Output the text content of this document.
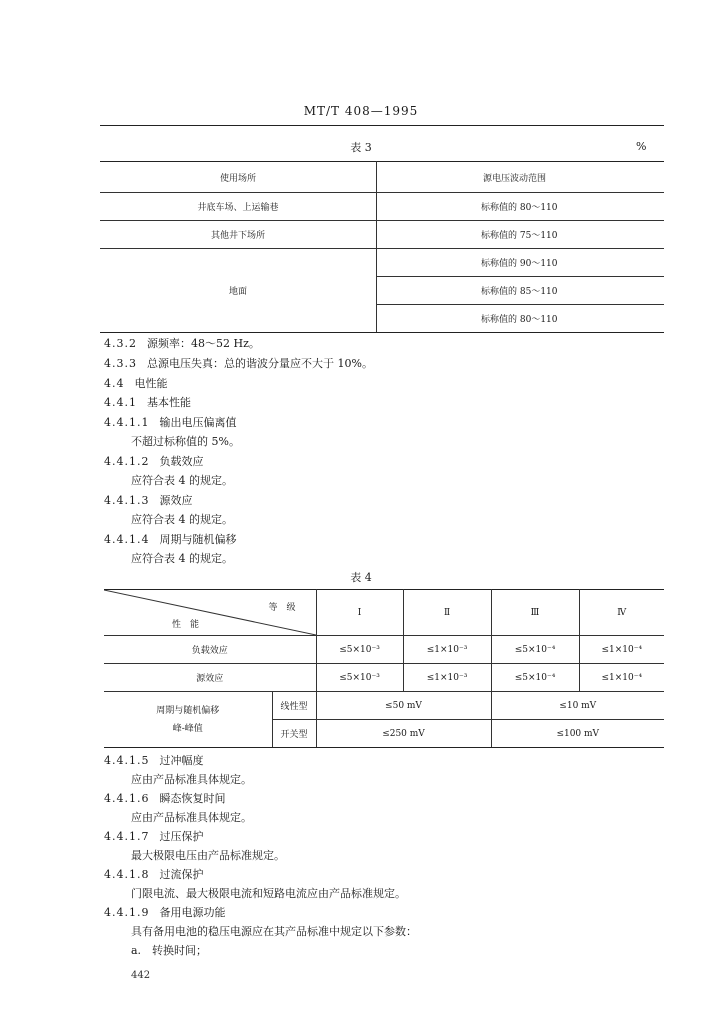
MT/T 408—1995
表 3	%
使用场所	源电压波动范围
井底车场、上运输巷	标称值的 80～110
其他井下场所	标称值的 75～110
地面	标称值的 90～110
	标称值的 85～110
	标称值的 80～110
4.3.2 源频率：48～52 Hz。
4.3.3 总源电压失真：总的谐波分量应不大于 10%。
4.4 电性能
4.4.1 基本性能
4.4.1.1 输出电压偏离值
不超过标称值的 5%。
4.4.1.2 负载效应
应符合表 4 的规定。
4.4.1.3 源效应
应符合表 4 的规定。
4.4.1.4 周期与随机偏移
应符合表 4 的规定。
表 4
等　级
性　能		Ⅰ	Ⅱ	Ⅲ	Ⅳ
负载效应		≤5×10⁻³	≤1×10⁻³	≤5×10⁻⁴	≤1×10⁻⁴
源效应		≤5×10⁻³	≤1×10⁻³	≤5×10⁻⁴	≤1×10⁻⁴

周期与随机偏移
峰-峰值	线性型	≤50 mV		≤10 mV	
	开关型	≤250 mV		≤100 mV	
4.4.1.5 过冲幅度
应由产品标准具体规定。
4.4.1.6 瞬态恢复时间
应由产品标准具体规定。
4.4.1.7 过压保护
最大极限电压由产品标准规定。
4.4.1.8 过流保护
门限电流、最大极限电流和短路电流应由产品标准规定。
4.4.1.9 备用电源功能
具有备用电池的稳压电源应在其产品标准中规定以下参数：
a.　转换时间；
442
